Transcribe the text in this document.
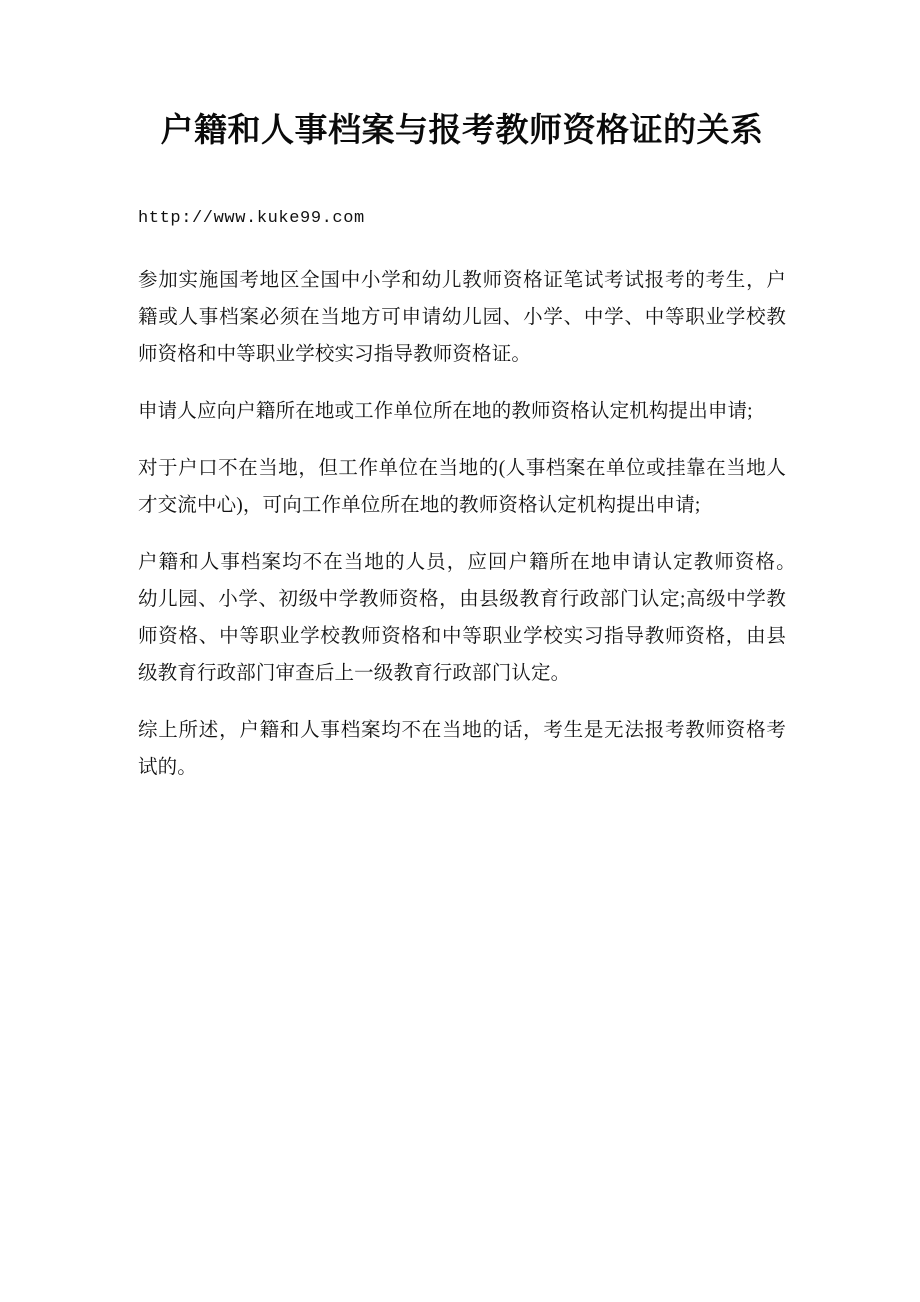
户籍和人事档案与报考教师资格证的关系

http://www.kuke99.com

参加实施国考地区全国中小学和幼儿教师资格证笔试考试报考的考生，户籍或人事档案必须在当地方可申请幼儿园、小学、中学、中等职业学校教师资格和中等职业学校实习指导教师资格证。

申请人应向户籍所在地或工作单位所在地的教师资格认定机构提出申请;

对于户口不在当地，但工作单位在当地的(人事档案在单位或挂靠在当地人才交流中心)，可向工作单位所在地的教师资格认定机构提出申请;

户籍和人事档案均不在当地的人员，应回户籍所在地申请认定教师资格。　幼儿园、小学、初级中学教师资格，由县级教育行政部门认定;高级中学教师资格、中等职业学校教师资格和中等职业学校实习指导教师资格，由县级教育行政部门审查后上一级教育行政部门认定。

综上所述，户籍和人事档案均不在当地的话，考生是无法报考教师资格考试的。
